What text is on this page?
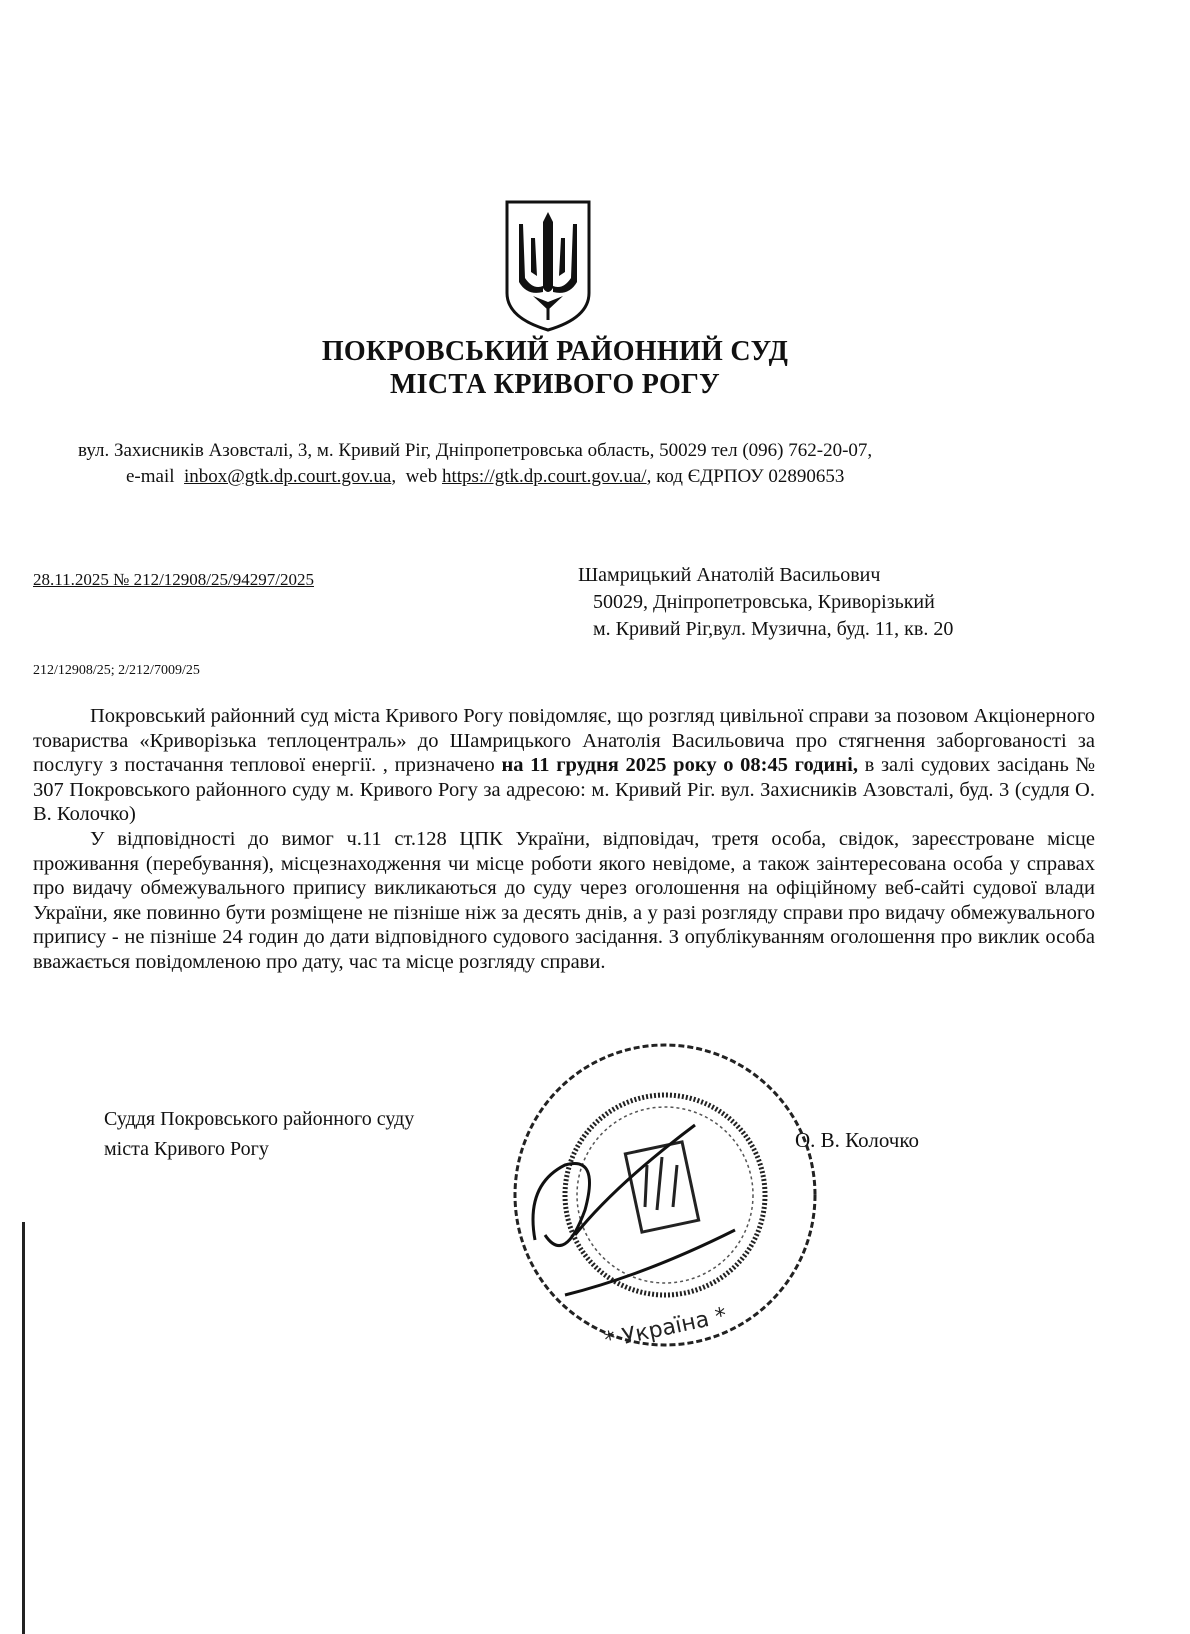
ПОКРОВСЬКИЙ РАЙОННИЙ СУД
МІСТА КРИВОГО РОГУ
вул. Захисників Азовсталі, 3, м. Кривий Ріг, Дніпропетровська область, 50029 тел (096) 762-20-07,
e-mail inbox@gtk.dp.court.gov.ua,  web https://gtk.dp.court.gov.ua/, код ЄДРПОУ 02890653
28.11.2025 № 212/12908/25/94297/2025	Шамрицький Анатолій Васильович
50029, Дніпропетровська, Криворізький
м. Кривий Ріг,вул. Музична, буд. 11, кв. 20
212/12908/25; 2/212/7009/25

Покровський районний суд міста Кривого Рогу повідомляє, що розгляд цивільної справи за позовом Акціонерного товариства «Криворізька теплоцентраль» до Шамрицького Анатолія Васильовича про стягнення заборгованості за послугу з постачання теплової енергії. , призначено на 11 грудня 2025 року о 08:45 годині, в залі судових засідань № 307 Покровського районного суду м. Кривого Рогу за адресою: м. Кривий Ріг. вул. Захисників Азовсталі, буд. 3 (судля О. В. Колочко)

У відповідності до вимог ч.11 ст.128 ЦПК України, відповідач, третя особа, свідок, зареєстроване місце проживання (перебування), місцезнаходження чи місце роботи якого невідоме, а також заінтересована особа у справах про видачу обмежувального припису викликаються до суду через оголошення на офіційному веб-сайті судової влади України, яке повинно бути розміщене не пізніше ніж за десять днів, а у разі розгляду справи про видачу обмежувального припису - не пізніше 24 годин до дати відповідного судового засідання. З опублікуванням оголошення про виклик особа вважається повідомленою про дату, час та місце розгляду справи.

Суддя Покровського районного суду
міста Кривого Рогу	О. В. Колочко
* Україна *
